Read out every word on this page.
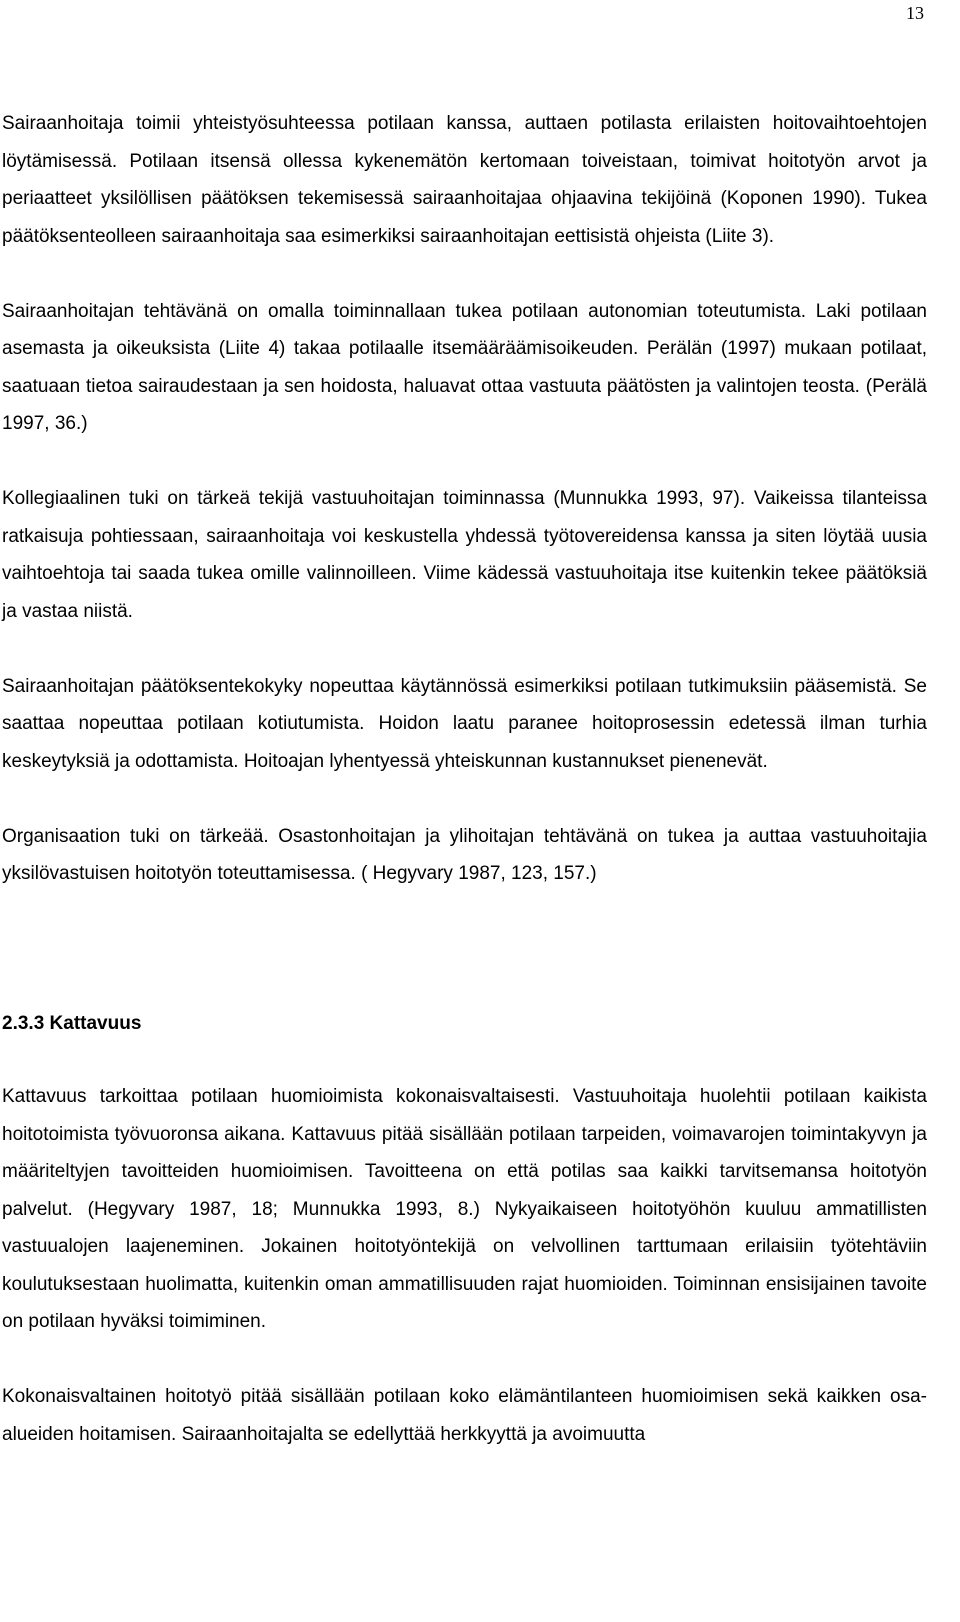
13

Sairaanhoitaja toimii yhteistyösuhteessa potilaan kanssa, auttaen potilasta erilaisten hoitovaihtoehtojen löytämisessä. Potilaan itsensä ollessa kykenemätön kertomaan toiveistaan, toimivat hoitotyön arvot ja periaatteet yksilöllisen päätöksen tekemisessä sairaanhoitajaa ohjaavina tekijöinä (Koponen 1990). Tukea päätöksenteolleen sairaanhoitaja saa esimerkiksi sairaanhoitajan eettisistä ohjeista (Liite 3).

Sairaanhoitajan tehtävänä on omalla toiminnallaan tukea potilaan autonomian toteutumista. Laki potilaan asemasta ja oikeuksista (Liite 4) takaa potilaalle itsemääräämisoikeuden. Perälän (1997) mukaan potilaat, saatuaan tietoa sairaudestaan ja sen hoidosta, haluavat ottaa vastuuta päätösten ja valintojen teosta. (Perälä 1997, 36.)

Kollegiaalinen tuki on tärkeä tekijä vastuuhoitajan toiminnassa (Munnukka 1993, 97). Vaikeissa tilanteissa ratkaisuja pohtiessaan, sairaanhoitaja voi keskustella yhdessä työtovereidensa kanssa ja siten löytää uusia vaihtoehtoja tai saada tukea omille valinnoilleen. Viime kädessä vastuuhoitaja itse kuitenkin tekee päätöksiä ja vastaa niistä.

Sairaanhoitajan päätöksentekokyky nopeuttaa käytännössä esimerkiksi potilaan tutkimuksiin pääsemistä. Se saattaa nopeuttaa potilaan kotiutumista. Hoidon laatu paranee hoitoprosessin edetessä ilman turhia keskeytyksiä ja odottamista. Hoitoajan lyhentyessä yhteiskunnan kustannukset pienenevät.

Organisaation tuki on tärkeää. Osastonhoitajan ja ylihoitajan tehtävänä on tukea ja auttaa vastuuhoitajia yksilövastuisen hoitotyön toteuttamisessa. ( Hegyvary 1987, 123, 157.)

2.3.3 Kattavuus

Kattavuus tarkoittaa potilaan huomioimista kokonaisvaltaisesti. Vastuuhoitaja huolehtii potilaan kaikista hoitotoimista työvuoronsa aikana. Kattavuus pitää sisällään potilaan tarpeiden, voimavarojen toimintakyvyn ja määriteltyjen tavoitteiden huomioimisen. Tavoitteena on että potilas saa kaikki tarvitsemansa hoitotyön palvelut. (Hegyvary 1987, 18; Munnukka 1993, 8.) Nykyaikaiseen hoitotyöhön kuuluu ammatillisten vastuualojen laajeneminen. Jokainen hoitotyöntekijä on velvollinen tarttumaan erilaisiin työtehtäviin koulutuksestaan huolimatta, kuitenkin oman ammatillisuuden rajat huomioiden. Toiminnan ensisijainen tavoite on potilaan hyväksi toimiminen.

Kokonaisvaltainen hoitotyö pitää sisällään potilaan koko elämäntilanteen huomioimisen sekä kaikken osa-alueiden hoitamisen. Sairaanhoitajalta se edellyttää herkkyyttä ja avoimuutta
